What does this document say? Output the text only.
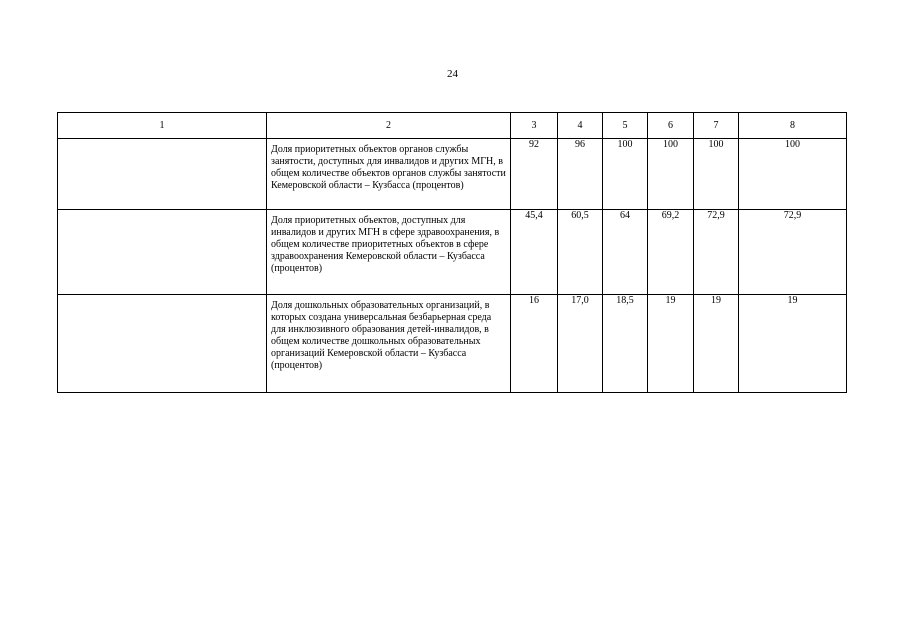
24
1	2	3	4	5	6	7	8
	Доля приоритетных объектов органов службы занятости, доступных для инвалидов и других МГН, в общем количестве объектов органов службы занятости Кемеровской области – Кузбасса (процентов)	92	96	100	100	100	100
	Доля приоритетных объектов, доступных для инвалидов и других МГН в сфере здравоохранения, в общем количестве приоритетных объектов в сфере здравоохранения Кемеровской области – Кузбасса (процентов)	45,4	60,5	64	69,2	72,9	72,9
	Доля дошкольных образовательных организаций, в которых создана универсальная безбарьерная среда для инклюзивного образования детей-инвалидов, в общем количестве дошкольных образовательных организаций Кемеровской области – Кузбасса (процентов)	16	17,0	18,5	19	19	19
